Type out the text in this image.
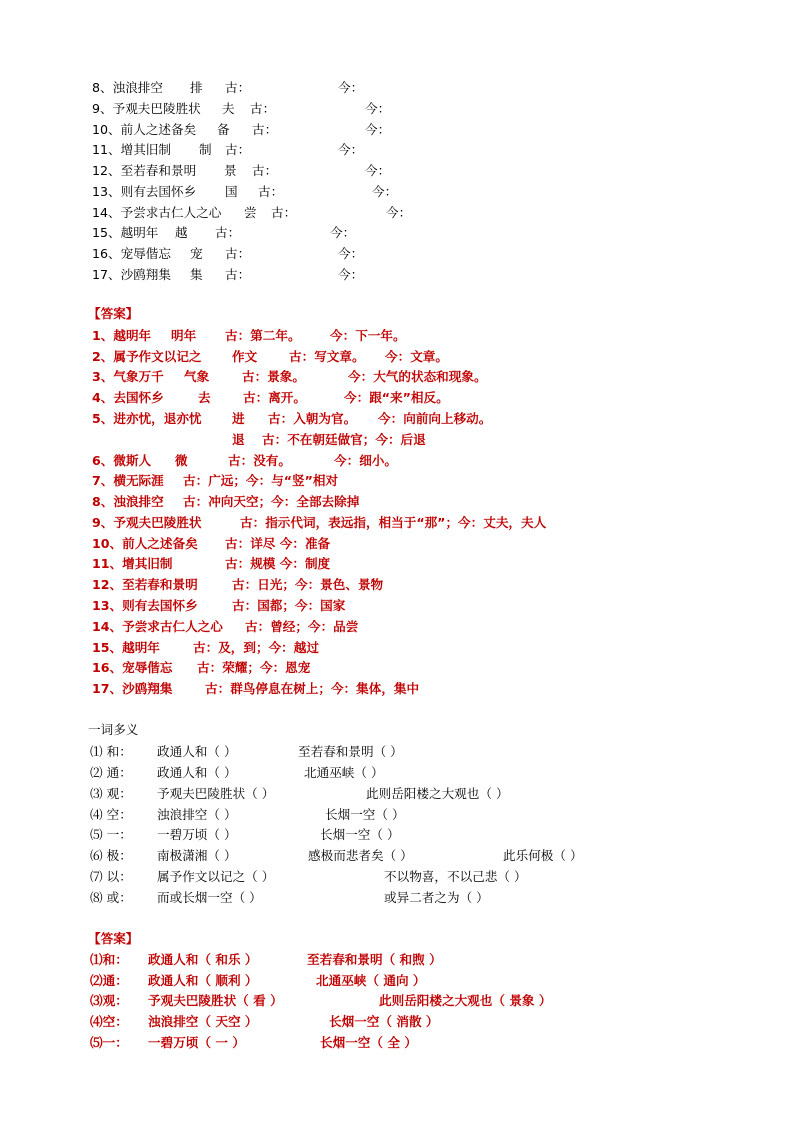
8、浊浪排空 排 古：	今：
9、予观夫巴陵胜状 夫 古：	今：
10、前人之述备矣 备 古：	今：
11、增其旧制 制 古：	今：
12、至若春和景明 景 古：	今：
13、则有去国怀乡 国 古：	今：
14、予尝求古仁人之心 尝 古：	今：
15、越明年 越 古：	今：
16、宠辱偕忘 宠 古：	今：
17、沙鸥翔集 集 古：	今：
【答案】
1、越明年 明年 古：第二年。 今：下一年。
2、属予作文以记之 作文	古：写文章。 今：文章。
3、气象万千 气象	古：景象。	今：大气的状态和现象。
4、去国怀乡	去	古：离开。	今：跟“来”相反。
5、进亦忧，退亦忧 进 古：入朝为官。 今：向前向上移动。
退 古：不在朝廷做官；今：后退
6、微斯人 微	古：没有。	今：细小。
7、横无际涯 古：广远；今：与“竖”相对
8、浊浪排空 古：冲向天空；今：全部去除掉
9、予观夫巴陵胜状	古：指示代词，表远指，相当于“那”；今：丈夫，夫人
10、前人之述备矣 古：详尽 今：准备
11、增其旧制	古：规模 今：制度
12、至若春和景明	古：日光；今：景色、景物
13、则有去国怀乡	古：国都；今：国家
14、予尝求古仁人之心 古：曾经；今：品尝
15、越明年	古：及，到；今：越过
16、宠辱偕忘 古：荣耀；今：恩宠
17、沙鸥翔集	古：群鸟停息在树上；今：集体，集中
一词多义
⑴ 和： 政通人和（ ）	至若春和景明（ ）
⑵ 通： 政通人和（ ）	北通巫峡（ ）
⑶ 观： 予观夫巴陵胜状（ ）	此则岳阳楼之大观也（ ）
⑷ 空： 浊浪排空（ ）	长烟一空（ ）
⑸ 一： 一碧万顷（ ）	长烟一空（ ）
⑹ 极： 南极潇湘（ ）	感极而悲者矣（ ）	此乐何极（ ）
⑺ 以： 属予作文以记之（ ）	不以物喜，不以己悲（ ）
⑻ 或： 而或长烟一空（ ）	或异二者之为（ ）
【答案】
⑴和： 政通人和（ 和乐 ）	至若春和景明（ 和煦 ）
⑵通： 政通人和（ 顺利 ）	北通巫峡（ 通向 ）
⑶观： 予观夫巴陵胜状（ 看 ）	此则岳阳楼之大观也（ 景象 ）
⑷空： 浊浪排空（ 天空 ）	长烟一空（ 消散 ）
⑸一： 一碧万顷（ 一 ）	长烟一空（ 全 ）
